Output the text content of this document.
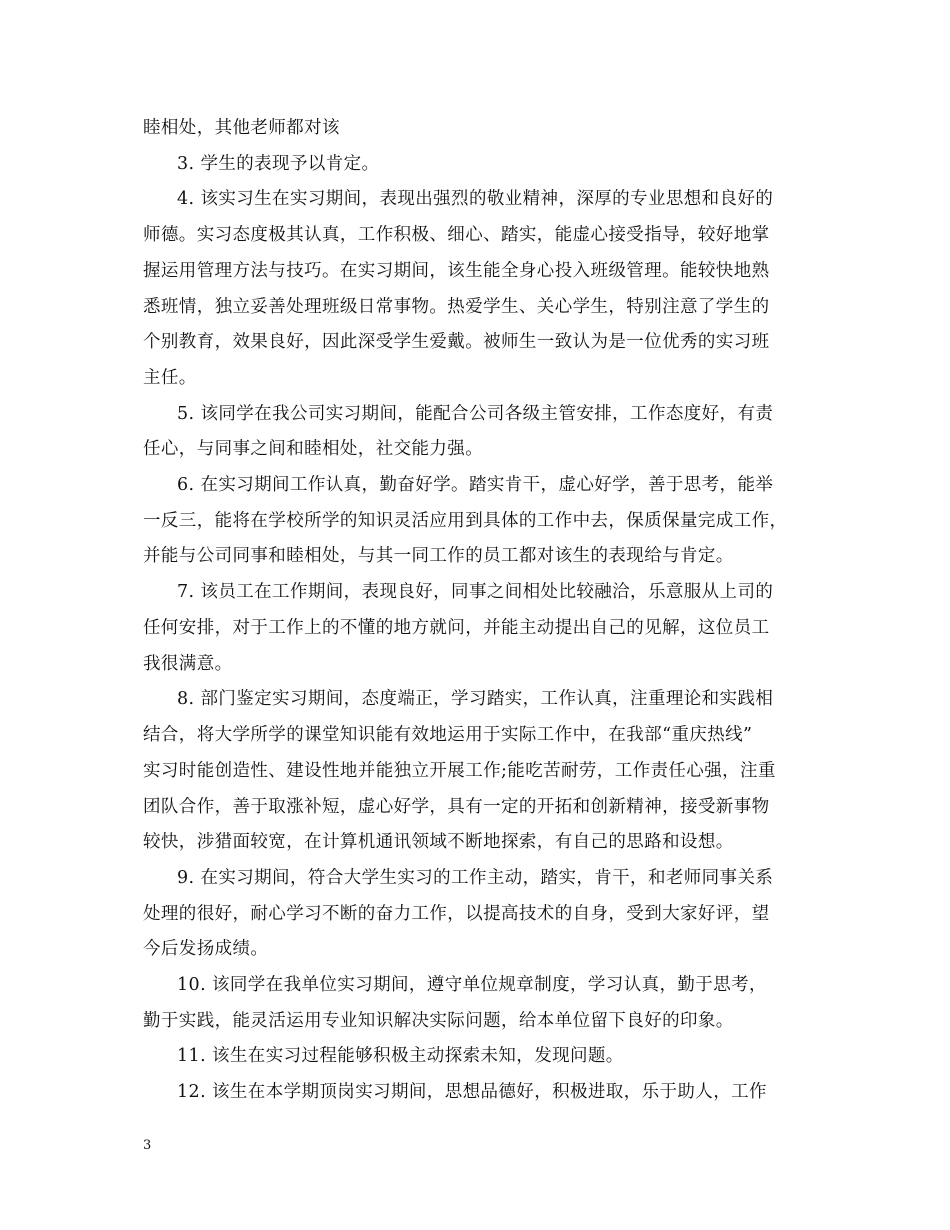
睦相处，其他老师都对该
3. 学生的表现予以肯定。
4. 该实习生在实习期间，表现出强烈的敬业精神，深厚的专业思想和良好的
师德。实习态度极其认真，工作积极、细心、踏实，能虚心接受指导，较好地掌
握运用管理方法与技巧。在实习期间，该生能全身心投入班级管理。能较快地熟
悉班情，独立妥善处理班级日常事物。热爱学生、关心学生，特别注意了学生的
个别教育，效果良好，因此深受学生爱戴。被师生一致认为是一位优秀的实习班
主任。
5. 该同学在我公司实习期间，能配合公司各级主管安排，工作态度好，有责
任心，与同事之间和睦相处，社交能力强。
6. 在实习期间工作认真，勤奋好学。踏实肯干，虚心好学，善于思考，能举
一反三，能将在学校所学的知识灵活应用到具体的工作中去，保质保量完成工作，
并能与公司同事和睦相处，与其一同工作的员工都对该生的表现给与肯定。
7. 该员工在工作期间，表现良好，同事之间相处比较融洽，乐意服从上司的
任何安排，对于工作上的不懂的地方就问，并能主动提出自己的见解，这位员工
我很满意。
8. 部门鉴定实习期间，态度端正，学习踏实，工作认真，注重理论和实践相
结合，将大学所学的课堂知识能有效地运用于实际工作中，在我部“重庆热线”
实习时能创造性、建设性地并能独立开展工作;能吃苦耐劳，工作责任心强，注重
团队合作，善于取涨补短，虚心好学，具有一定的开拓和创新精神，接受新事物
较快，涉猎面较宽，在计算机通讯领域不断地探索，有自己的思路和设想。
9. 在实习期间，符合大学生实习的工作主动，踏实，肯干，和老师同事关系
处理的很好，耐心学习不断的奋力工作，以提高技术的自身，受到大家好评，望
今后发扬成绩。
10. 该同学在我单位实习期间，遵守单位规章制度，学习认真，勤于思考，
勤于实践，能灵活运用专业知识解决实际问题，给本单位留下良好的印象。
11. 该生在实习过程能够积极主动探索未知，发现问题。
12. 该生在本学期顶岗实习期间，思想品德好，积极进取，乐于助人，工作
3
